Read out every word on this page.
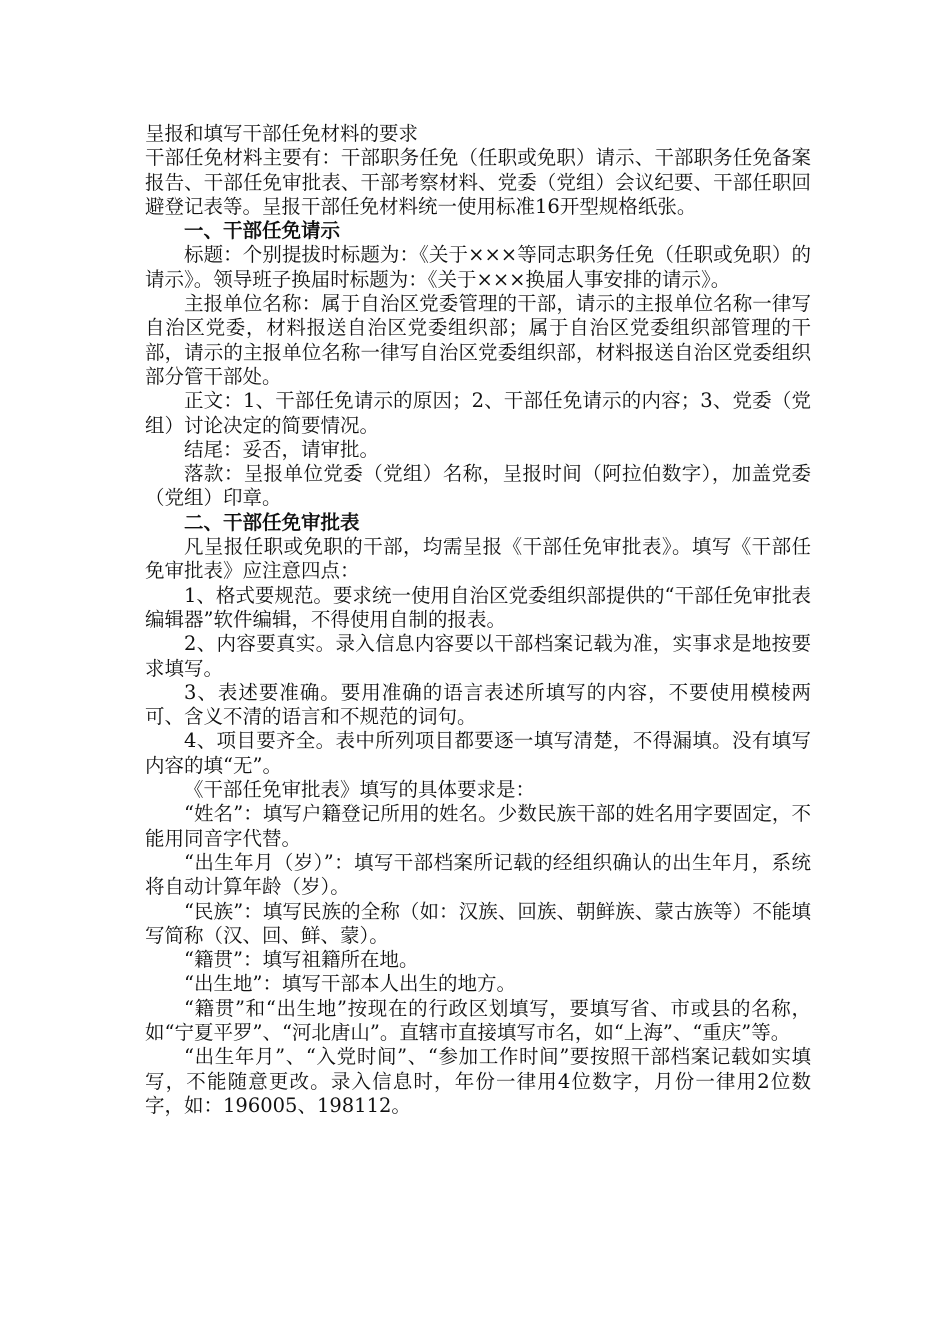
呈报和填写干部任免材料的要求

干部任免材料主要有：干部职务任免（任职或免职）请示、干部职务任免备案报告、干部任免审批表、干部考察材料、党委（党组）会议纪要、干部任职回避登记表等。呈报干部任免材料统一使用标准16开型规格纸张。

一、干部任免请示

标题：个别提拔时标题为：《关于×××等同志职务任免（任职或免职）的请示》。领导班子换届时标题为：《关于×××换届人事安排的请示》。

主报单位名称：属于自治区党委管理的干部，请示的主报单位名称一律写自治区党委，材料报送自治区党委组织部；属于自治区党委组织部管理的干部，请示的主报单位名称一律写自治区党委组织部，材料报送自治区党委组织部分管干部处。

正文：1、干部任免请示的原因；2、干部任免请示的内容；3、党委（党组）讨论决定的简要情况。

结尾：妥否，请审批。

落款：呈报单位党委（党组）名称，呈报时间（阿拉伯数字），加盖党委（党组）印章。

二、干部任免审批表

凡呈报任职或免职的干部，均需呈报《干部任免审批表》。填写《干部任免审批表》应注意四点：

1、格式要规范。要求统一使用自治区党委组织部提供的“干部任免审批表编辑器”软件编辑，不得使用自制的报表。

2、内容要真实。录入信息内容要以干部档案记载为准，实事求是地按要求填写。

3、表述要准确。要用准确的语言表述所填写的内容，不要使用模棱两可、含义不清的语言和不规范的词句。

4、项目要齐全。表中所列项目都要逐一填写清楚，不得漏填。没有填写内容的填“无”。

《干部任免审批表》填写的具体要求是：

“姓名”：填写户籍登记所用的姓名。少数民族干部的姓名用字要固定，不能用同音字代替。

“出生年月（岁）”：填写干部档案所记载的经组织确认的出生年月，系统将自动计算年龄（岁）。

“民族”：填写民族的全称（如：汉族、回族、朝鲜族、蒙古族等）不能填写简称（汉、回、鲜、蒙）。

“籍贯”：填写祖籍所在地。

“出生地”：填写干部本人出生的地方。

“籍贯”和“出生地”按现在的行政区划填写，要填写省、市或县的名称，如“宁夏平罗”、“河北唐山”。直辖市直接填写市名，如“上海”、“重庆”等。

“出生年月”、“入党时间”、“参加工作时间”要按照干部档案记载如实填写，不能随意更改。录入信息时，年份一律用4位数字，月份一律用2位数字，如：196005、198112。
